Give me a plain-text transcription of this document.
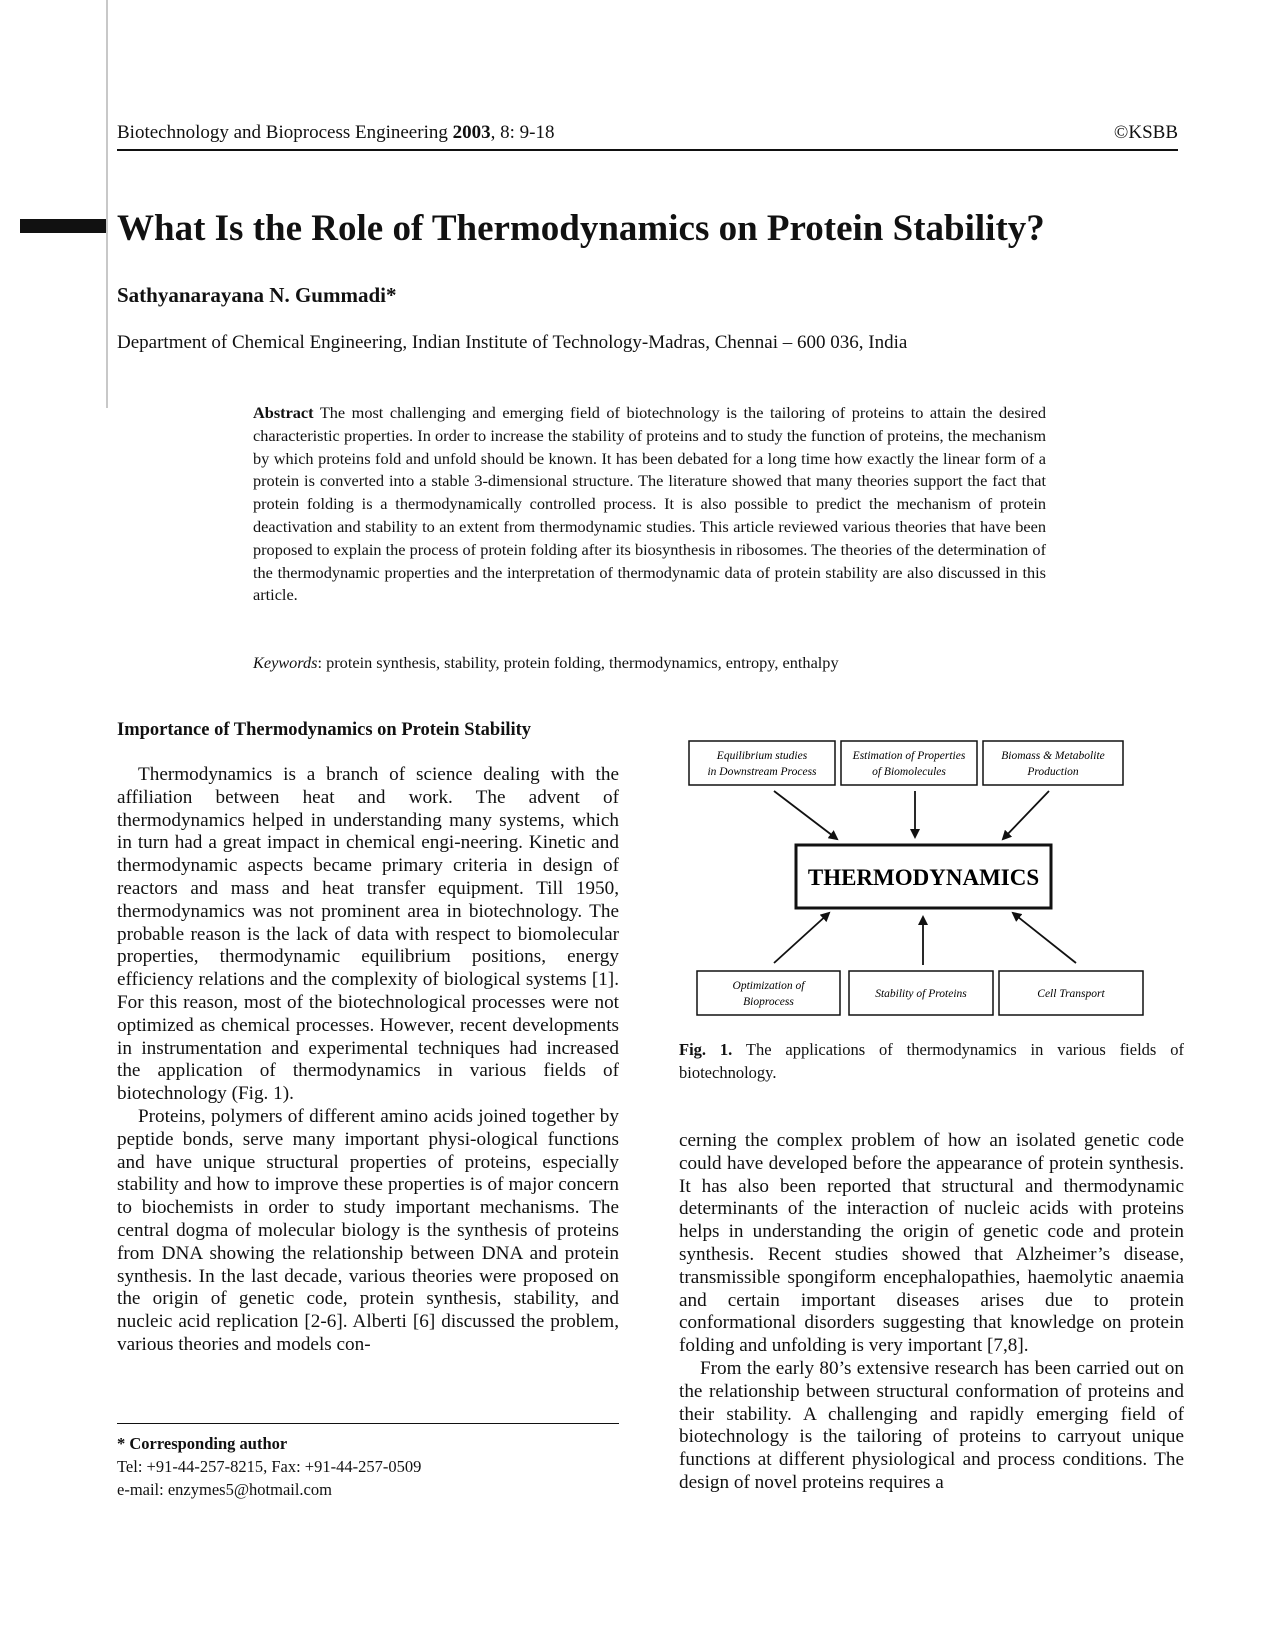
Biotechnology and Bioprocess Engineering 2003, 8: 9-18	©KSBB
What Is the Role of Thermodynamics on Protein Stability?
Sathyanarayana N. Gummadi*
Department of Chemical Engineering, Indian Institute of Technology-Madras, Chennai – 600 036, India

Abstract The most challenging and emerging field of biotechnology is the tailoring of proteins to attain the desired characteristic properties. In order to increase the stability of proteins and to study the function of proteins, the mechanism by which proteins fold and unfold should be known. It has been debated for a long time how exactly the linear form of a protein is converted into a stable 3-dimensional structure. The literature showed that many theories support the fact that protein folding is a thermodynamically controlled process. It is also possible to predict the mechanism of protein deactivation and stability to an extent from thermodynamic studies. This article reviewed various theories that have been proposed to explain the process of protein folding after its biosynthesis in ribosomes. The theories of the determination of the thermodynamic properties and the interpretation of thermodynamic data of protein stability are also discussed in this article.

Keywords: protein synthesis, stability, protein folding, thermodynamics, entropy, enthalpy
Importance of Thermodynamics on Protein Stability

Thermodynamics is a branch of science dealing with the affiliation between heat and work. The advent of thermodynamics helped in understanding many systems, which in turn had a great impact in chemical engi-neering. Kinetic and thermodynamic aspects became primary criteria in design of reactors and mass and heat transfer equipment. Till 1950, thermodynamics was not prominent area in biotechnology. The probable reason is the lack of data with respect to biomolecular properties, thermodynamic equilibrium positions, energy efficiency relations and the complexity of biological systems [1]. For this reason, most of the biotechnological processes were not optimized as chemical processes. However, recent developments in instrumentation and experimental techniques had increased the application of thermodynamics in various fields of biotechnology (Fig. 1).

Proteins, polymers of different amino acids joined together by peptide bonds, serve many important physi-ological functions and have unique structural properties of proteins, especially stability and how to improve these properties is of major concern to biochemists in order to study important mechanisms. The central dogma of molecular biology is the synthesis of proteins from DNA showing the relationship between DNA and protein synthesis. In the last decade, various theories were proposed on the origin of genetic code, protein synthesis, stability, and nucleic acid replication [2-6]. Alberti [6] discussed the problem, various theories and models con-

* Corresponding author
Tel: +91-44-257-8215, Fax: +91-44-257-0509
e-mail: enzymes5@hotmail.com
Equilibrium studies
in Downstream Process
Estimation of Properties
of Biomolecules
Biomass & Metabolite
Production
THERMODYNAMICS
Optimization of
Bioprocess
Stability of Proteins	Cell Transport

Fig. 1. The applications of thermodynamics in various fields of biotechnology.

cerning the complex problem of how an isolated genetic code could have developed before the appearance of protein synthesis. It has also been reported that structural and thermodynamic determinants of the interaction of nucleic acids with proteins helps in understanding the origin of genetic code and protein synthesis. Recent studies showed that Alzheimer’s disease, transmissible spongiform encephalopathies, haemolytic anaemia and certain important diseases arises due to protein conformational disorders suggesting that knowledge on protein folding and unfolding is very important [7,8].

From the early 80’s extensive research has been carried out on the relationship between structural conformation of proteins and their stability. A challenging and rapidly emerging field of biotechnology is the tailoring of proteins to carryout unique functions at different physiological and process conditions. The design of novel proteins requires a
